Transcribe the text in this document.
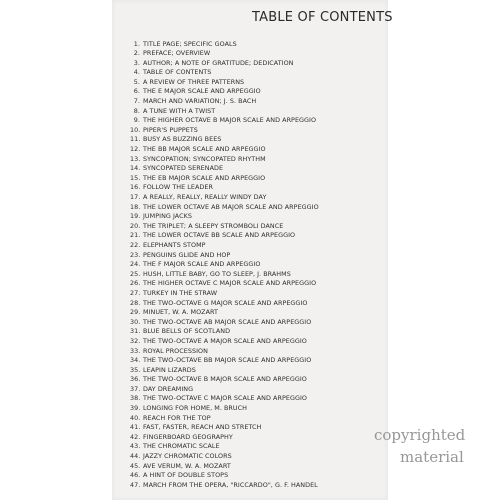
TABLE OF CONTENTS
1. TITLE PAGE; SPECIFIC GOALS
2. PREFACE; OVERVIEW
3. AUTHOR; A NOTE OF GRATITUDE; DEDICATION
4. TABLE OF CONTENTS
5. A REVIEW OF THREE PATTERNS
6. THE E MAJOR SCALE AND ARPEGGIO
7. MARCH AND VARIATION; J. S. BACH
8. A TUNE WITH A TWIST
9. THE HIGHER OCTAVE B MAJOR SCALE AND ARPEGGIO
10. PIPER'S PUPPETS
11. BUSY AS BUZZING BEES
12. THE BB MAJOR SCALE AND ARPEGGIO
13. SYNCOPATION; SYNCOPATED RHYTHM
14. SYNCOPATED SERENADE
15. THE EB MAJOR SCALE AND ARPEGGIO
16. FOLLOW THE LEADER
17. A REALLY, REALLY, REALLY WINDY DAY
18. THE LOWER OCTAVE AB MAJOR SCALE AND ARPEGGIO
19. JUMPING JACKS
20. THE TRIPLET; A SLEEPY STROMBOLI DANCE
21. THE LOWER OCTAVE BB SCALE AND ARPEGGIO
22. ELEPHANTS STOMP
23. PENGUINS GLIDE AND HOP
24. THE F MAJOR SCALE AND ARPEGGIO
25. HUSH, LITTLE BABY, GO TO SLEEP, J. BRAHMS
26. THE HIGHER OCTAVE C MAJOR SCALE AND ARPEGGIO
27. TURKEY IN THE STRAW
28. THE TWO-OCTAVE G MAJOR SCALE AND ARPEGGIO
29. MINUET, W. A. MOZART
30. THE TWO-OCTAVE AB MAJOR SCALE AND ARPEGGIO
31. BLUE BELLS OF SCOTLAND
32. THE TWO-OCTAVE A MAJOR SCALE AND ARPEGGIO
33. ROYAL PROCESSION
34. THE TWO-OCTAVE BB MAJOR SCALE AND ARPEGGIO
35. LEAPIN LIZARDS
36. THE TWO-OCTAVE B MAJOR SCALE AND ARPEGGIO
37. DAY DREAMING
38. THE TWO-OCTAVE C MAJOR SCALE AND ARPEGGIO
39. LONGING FOR HOME, M. BRUCH
40. REACH FOR THE TOP
41. FAST, FASTER, REACH AND STRETCH
42. FINGERBOARD GEOGRAPHY
43. THE CHROMATIC SCALE
44. JAZZY CHROMATIC COLORS
45. AVE VERUM, W. A. MOZART
46. A HINT OF DOUBLE STOPS
47. MARCH FROM THE OPERA, "RICCARDO", G. F. HANDEL
copyrighted
material
